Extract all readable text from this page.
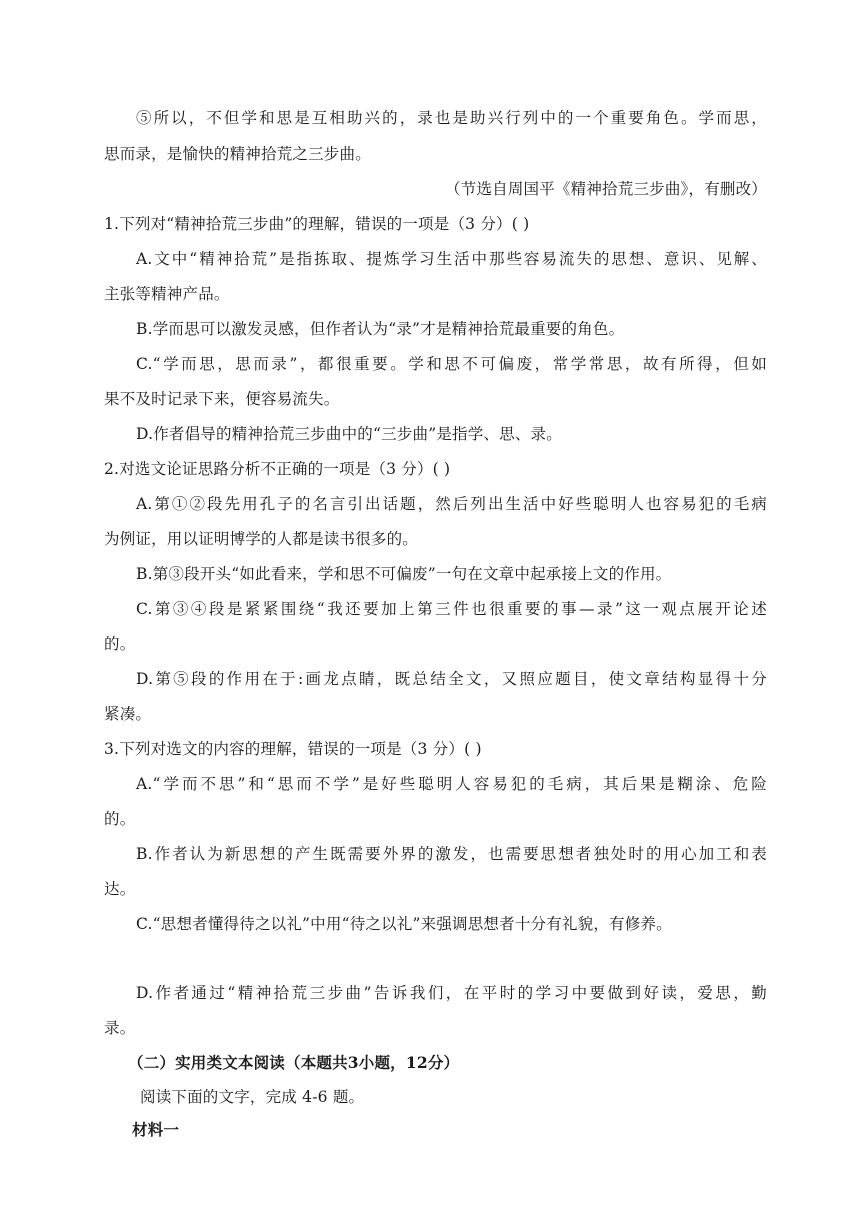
⑤所以，不但学和思是互相助兴的，录也是助兴行列中的一个重要角色。学而思，
思而录，是愉快的精神拾荒之三步曲。
（节选自周国平《精神拾荒三步曲》，有删改）
1.下列对“精神拾荒三步曲”的理解，错误的一项是（3 分）( )
A.文中“精神拾荒”是指拣取、提炼学习生活中那些容易流失的思想、意识、见解、
主张等精神产品。
B.学而思可以激发灵感，但作者认为“录”才是精神拾荒最重要的角色。
C.“学而思，思而录”，都很重要。学和思不可偏废，常学常思，故有所得，但如
果不及时记录下来，便容易流失。
D.作者倡导的精神拾荒三步曲中的“三步曲”是指学、思、录。
2.对选文论证思路分析不正确的一项是（3 分）( )
A.第①②段先用孔子的名言引出话题，然后列出生活中好些聪明人也容易犯的毛病
为例证，用以证明博学的人都是读书很多的。
B.第③段开头“如此看来，学和思不可偏废”一句在文章中起承接上文的作用。
C.第③④段是紧紧围绕“我还要加上第三件也很重要的事—录”这一观点展开论述
的。
D.第⑤段的作用在于:画龙点睛，既总结全文，又照应题目，使文章结构显得十分
紧凑。
3.下列对选文的内容的理解，错误的一项是（3 分）( )
A.“学而不思”和“思而不学”是好些聪明人容易犯的毛病，其后果是糊涂、危险
的。
B.作者认为新思想的产生既需要外界的激发，也需要思想者独处时的用心加工和表
达。
C.“思想者懂得待之以礼”中用“待之以礼”来强调思想者十分有礼貌，有修养。
D.作者通过“精神拾荒三步曲”告诉我们，在平时的学习中要做到好读，爱思，勤
录。
（二）实用类文本阅读（本题共3小题，12分）
阅读下面的文字，完成 4-6 题。
材料一
